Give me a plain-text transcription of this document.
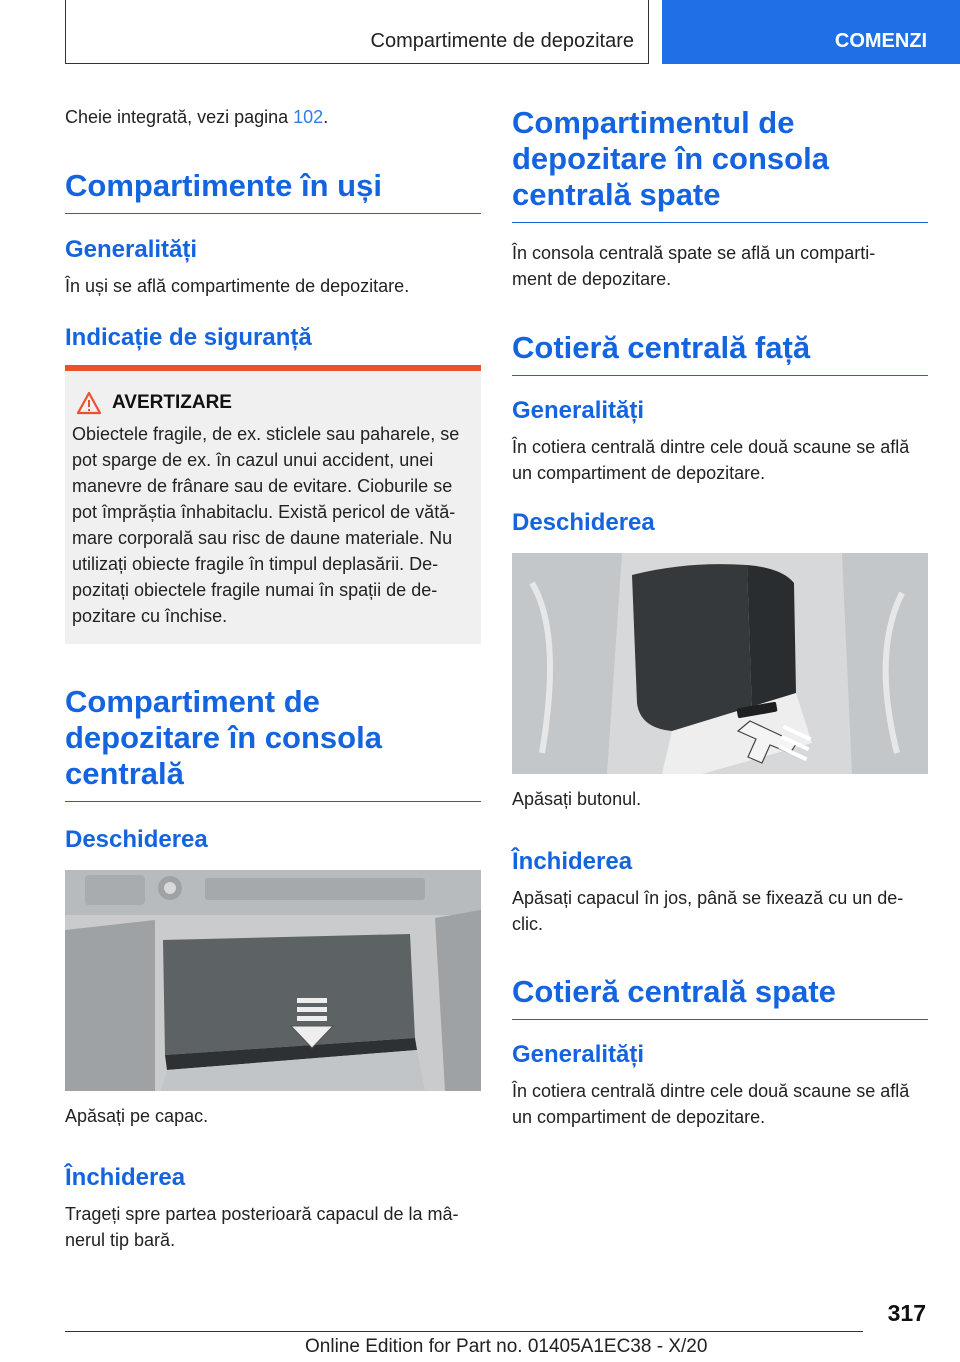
Compartimente de depozitare	COMENZI

Cheie integrată, vezi pagina 102.

Compartimente în uși
Generalități

În uși se află compartimente de depozitare.

Indicație de siguranță
AVERTIZARE

Obiectele fragile, de ex. sticlele sau paharele, se

pot sparge de ex. în cazul unui accident, unei

manevre de frânare sau de evitare. Cioburile se

pot împrăștia înhabitaclu. Există pericol de vătă-

mare corporală sau risc de daune materiale. Nu

utilizați obiecte fragile în timpul deplasării. De-

pozitați obiectele fragile numai în spații de de-

pozitare cu închise.

Compartiment de
depozitare în consola
centrală
Deschiderea

Apăsați pe capac.

Închiderea

Trageți spre partea posterioară capacul de la mâ-
nerul tip bară.

Compartimentul de
depozitare în consola
centrală spate

În consola centrală spate se află un comparti-
ment de depozitare.

Cotieră centrală față
Generalități

În cotiera centrală dintre cele două scaune se află
un compartiment de depozitare.

Deschiderea

Apăsați butonul.

Închiderea

Apăsați capacul în jos, până se fixează cu un de-
clic.

Cotieră centrală spate
Generalități

În cotiera centrală dintre cele două scaune se află
un compartiment de depozitare.

317
Online Edition for Part no. 01405A1EC38 - X/20
